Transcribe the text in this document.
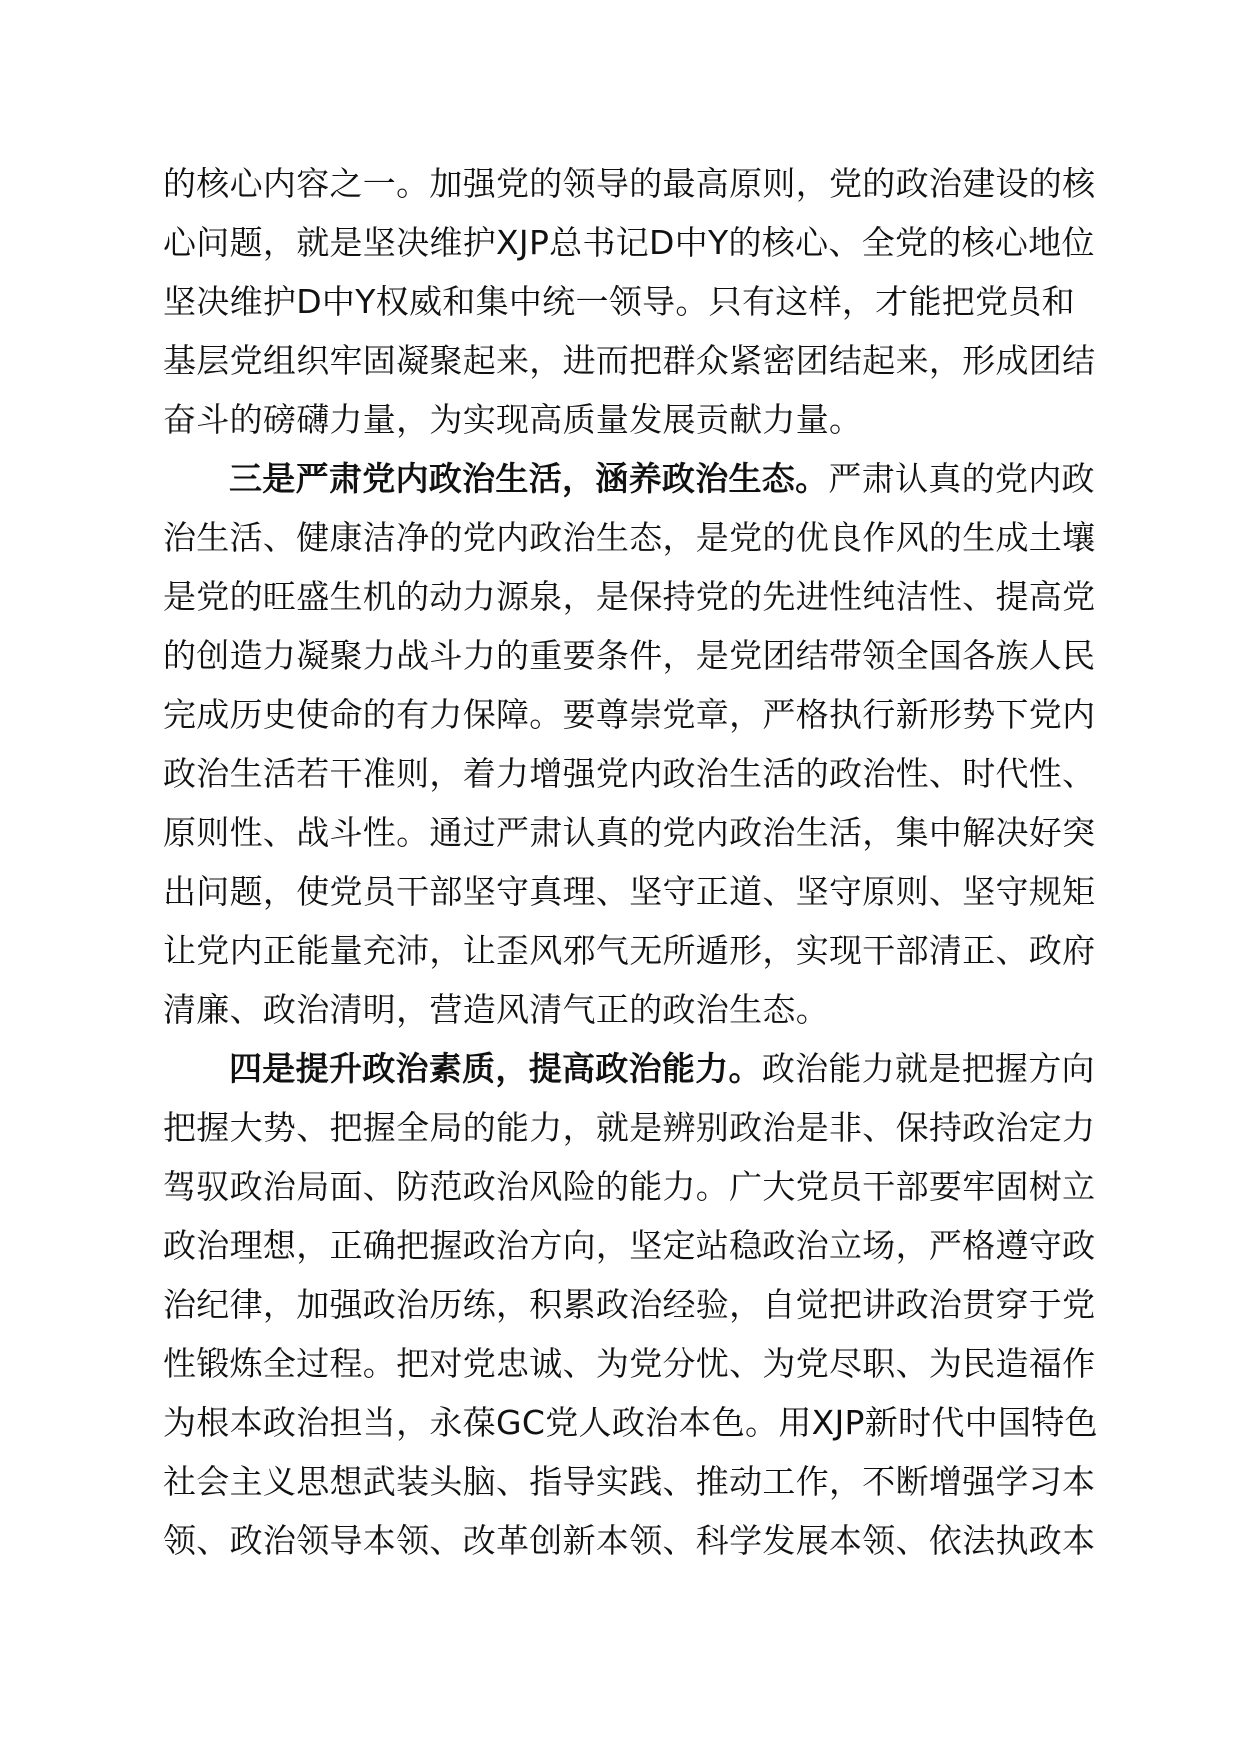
的核心内容之一。加强党的领导的最高原则，党的政治建设的核
心问题，就是坚决维护XJP总书记D中Y的核心、全党的核心地位
坚决维护D中Y权威和集中统一领导。只有这样，才能把党员和
基层党组织牢固凝聚起来，进而把群众紧密团结起来，形成团结
奋斗的磅礴力量，为实现高质量发展贡献力量。
三是严肃党内政治生活，涵养政治生态。严肃认真的党内政
治生活、健康洁净的党内政治生态，是党的优良作风的生成土壤
是党的旺盛生机的动力源泉，是保持党的先进性纯洁性、提高党
的创造力凝聚力战斗力的重要条件，是党团结带领全国各族人民
完成历史使命的有力保障。要尊崇党章，严格执行新形势下党内
政治生活若干准则，着力增强党内政治生活的政治性、时代性、
原则性、战斗性。通过严肃认真的党内政治生活，集中解决好突
出问题，使党员干部坚守真理、坚守正道、坚守原则、坚守规矩
让党内正能量充沛，让歪风邪气无所遁形，实现干部清正、政府
清廉、政治清明，营造风清气正的政治生态。
四是提升政治素质，提高政治能力。政治能力就是把握方向
把握大势、把握全局的能力，就是辨别政治是非、保持政治定力
驾驭政治局面、防范政治风险的能力。广大党员干部要牢固树立
政治理想，正确把握政治方向，坚定站稳政治立场，严格遵守政
治纪律，加强政治历练，积累政治经验，自觉把讲政治贯穿于党
性锻炼全过程。把对党忠诚、为党分忧、为党尽职、为民造福作
为根本政治担当，永葆GC党人政治本色。用XJP新时代中国特色
社会主义思想武装头脑、指导实践、推动工作，不断增强学习本
领、政治领导本领、改革创新本领、科学发展本领、依法执政本
